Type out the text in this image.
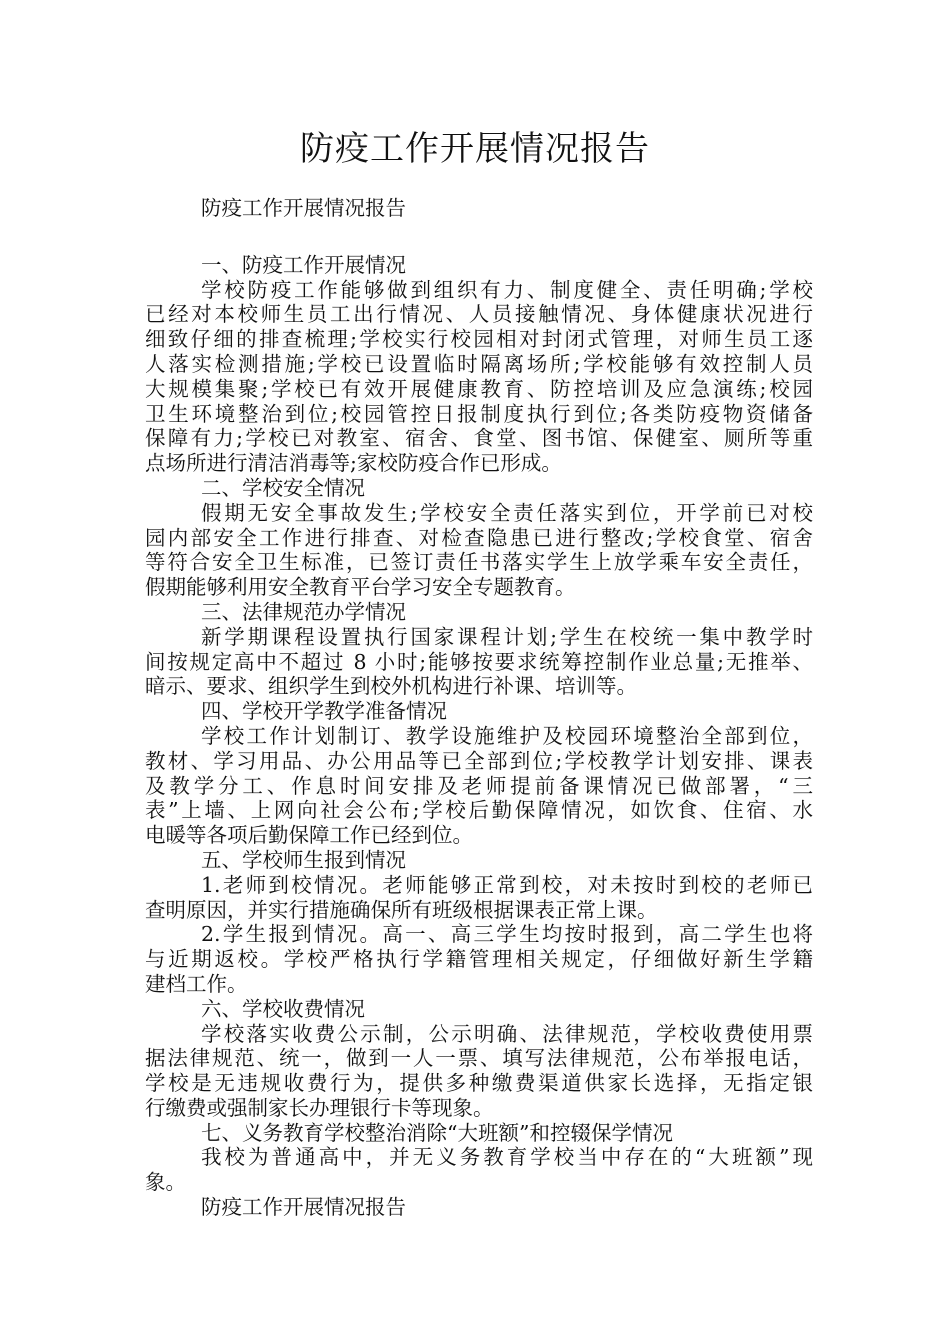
防疫工作开展情况报告
防疫工作开展情况报告
一、防疫工作开展情况
学校防疫工作能够做到组织有力、制度健全、责任明确;学校
已经对本校师生员工出行情况、人员接触情况、身体健康状况进行
细致仔细的排查梳理;学校实行校园相对封闭式管理，对师生员工逐
人落实检测措施;学校已设置临时隔离场所;学校能够有效控制人员
大规模集聚;学校已有效开展健康教育、防控培训及应急演练;校园
卫生环境整治到位;校园管控日报制度执行到位;各类防疫物资储备
保障有力;学校已对教室、宿舍、食堂、图书馆、保健室、厕所等重
点场所进行清洁消毒等;家校防疫合作已形成。
二、学校安全情况
假期无安全事故发生;学校安全责任落实到位，开学前已对校
园内部安全工作进行排查、对检查隐患已进行整改;学校食堂、宿舍
等符合安全卫生标准，已签订责任书落实学生上放学乘车安全责任，
假期能够利用安全教育平台学习安全专题教育。
三、法律规范办学情况
新学期课程设置执行国家课程计划;学生在校统一集中教学时
间按规定高中不超过 8 小时;能够按要求统筹控制作业总量;无推举、
暗示、要求、组织学生到校外机构进行补课、培训等。
四、学校开学教学准备情况
学校工作计划制订、教学设施维护及校园环境整治全部到位，
教材、学习用品、办公用品等已全部到位;学校教学计划安排、课表
及教学分工、作息时间安排及老师提前备课情况已做部署，“三
表”上墙、上网向社会公布;学校后勤保障情况，如饮食、住宿、水
电暖等各项后勤保障工作已经到位。
五、学校师生报到情况
1.老师到校情况。老师能够正常到校，对未按时到校的老师已
查明原因，并实行措施确保所有班级根据课表正常上课。
2.学生报到情况。高一、高三学生均按时报到，高二学生也将
与近期返校。学校严格执行学籍管理相关规定，仔细做好新生学籍
建档工作。
六、学校收费情况
学校落实收费公示制，公示明确、法律规范，学校收费使用票
据法律规范、统一，做到一人一票、填写法律规范，公布举报电话，
学校是无违规收费行为，提供多种缴费渠道供家长选择，无指定银
行缴费或强制家长办理银行卡等现象。
七、义务教育学校整治消除“大班额”和控辍保学情况
我校为普通高中，并无义务教育学校当中存在的“大班额”现
象。
防疫工作开展情况报告
